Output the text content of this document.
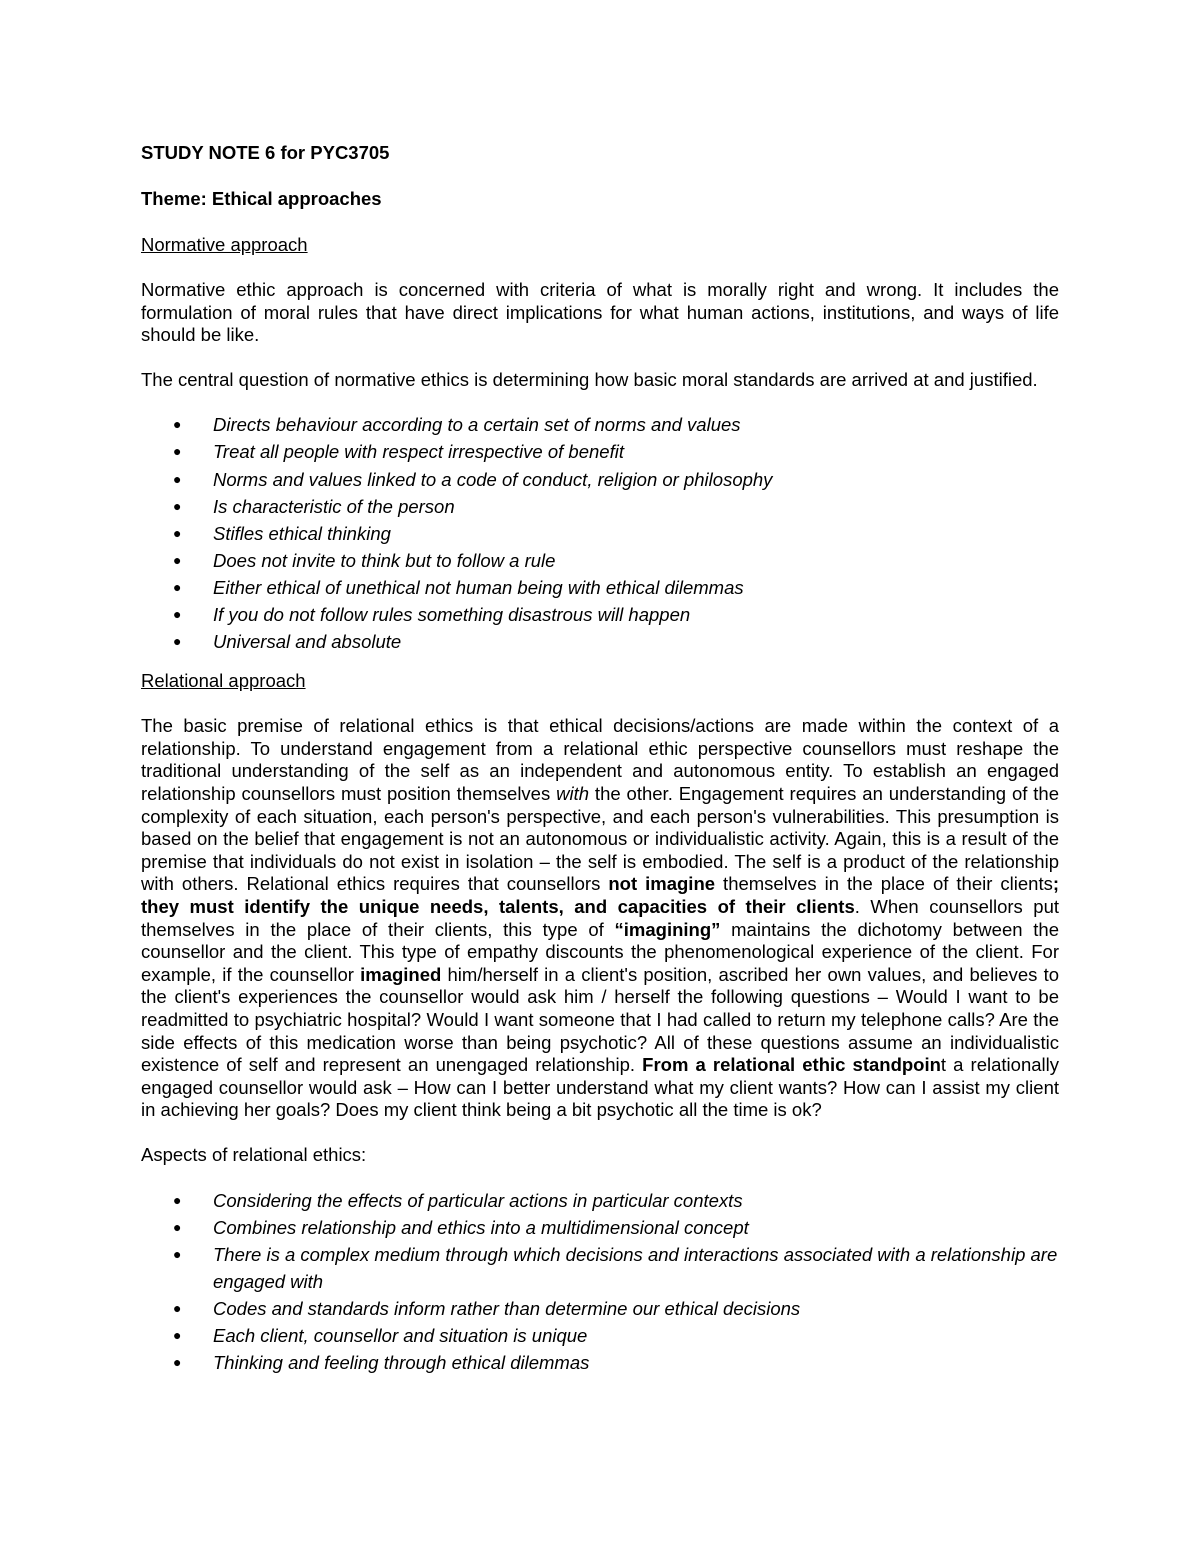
STUDY NOTE 6 for PYC3705
Theme: Ethical approaches
Normative approach
Normative ethic approach is concerned with criteria of what is morally right and wrong. It includes the formulation of moral rules that have direct implications for what human actions, institutions, and ways of life should be like.
The central question of normative ethics is determining how basic moral standards are arrived at and justified.
● Directs behaviour according to a certain set of norms and values
● Treat all people with respect irrespective of benefit
● Norms and values linked to a code of conduct, religion or philosophy
● Is characteristic of the person
● Stifles ethical thinking
● Does not invite to think but to follow a rule
● Either ethical of unethical not human being with ethical dilemmas
● If you do not follow rules something disastrous will happen
● Universal and absolute
Relational approach
The basic premise of relational ethics is that ethical decisions/actions are made within the context of a relationship. To understand engagement from a relational ethic perspective counsellors must reshape the traditional understanding of the self as an independent and autonomous entity. To establish an engaged relationship counsellors must position themselves with the other. Engagement requires an understanding of the complexity of each situation, each person's perspective, and each person's vulnerabilities. This presumption is based on the belief that engagement is not an autonomous or individualistic activity. Again, this is a result of the premise that individuals do not exist in isolation – the self is embodied. The self is a product of the relationship with others. Relational ethics requires that counsellors not imagine themselves in the place of their clients; they must identify the unique needs, talents, and capacities of their clients. When counsellors put themselves in the place of their clients, this type of “imagining” maintains the dichotomy between the counsellor and the client. This type of empathy discounts the phenomenological experience of the client. For example, if the counsellor imagined him/herself in a client's position, ascribed her own values, and believes to the client's experiences the counsellor would ask him / herself the following questions – Would I want to be readmitted to psychiatric hospital? Would I want someone that I had called to return my telephone calls? Are the side effects of this medication worse than being psychotic? All of these questions assume an individualistic existence of self and represent an unengaged relationship. From a relational ethic standpoint a relationally engaged counsellor would ask – How can I better understand what my client wants? How can I assist my client in achieving her goals? Does my client think being a bit psychotic all the time is ok?
Aspects of relational ethics:
● Considering the effects of particular actions in particular contexts
● Combines relationship and ethics into a multidimensional concept
● There is a complex medium through which decisions and interactions associated with a relationship are engaged with
● Codes and standards inform rather than determine our ethical decisions
● Each client, counsellor and situation is unique
● Thinking and feeling through ethical dilemmas
